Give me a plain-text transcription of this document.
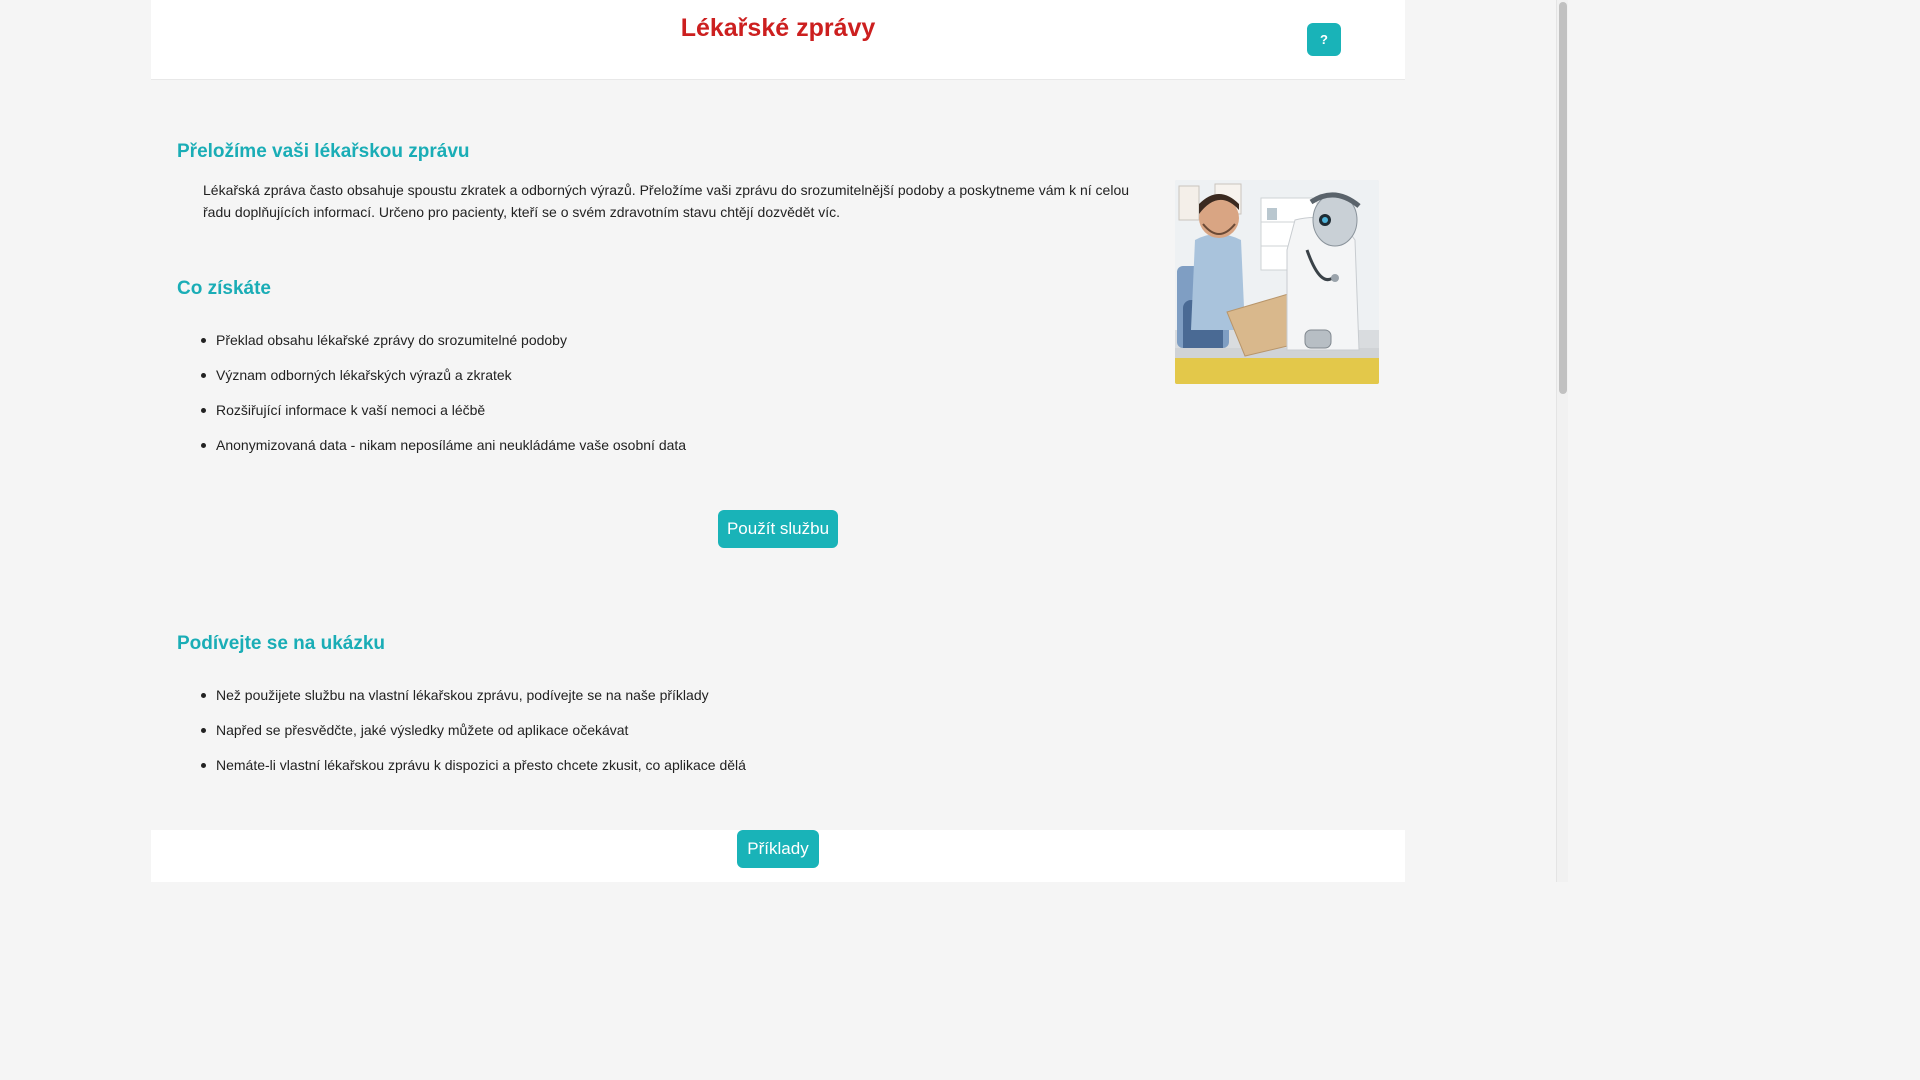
Lékařské zprávy	?
Přeložíme vaši lékařskou zprávu

Lékařská zpráva často obsahuje spoustu zkratek a odborných výrazů. Přeložíme vaši zprávu do srozumitelnější podoby a poskytneme vám k ní celou řadu doplňujících informací. Určeno pro pacienty, kteří se o svém zdravotním stavu chtějí dozvědět víc.

Co získáte
Překlad obsahu lékařské zprávy do srozumitelné podoby
Význam odborných lékařských výrazů a zkratek
Rozšiřující informace k vaší nemoci a léčbě
Anonymizovaná data - nikam neposíláme ani neukládáme vaše osobní data
Použít službu
Podívejte se na ukázku
Než použijete službu na vlastní lékařskou zprávu, podívejte se na naše příklady
Napřed se přesvědčte, jaké výsledky můžete od aplikace očekávat
Nemáte-li vlastní lékařskou zprávu k dispozici a přesto chcete zkusit, co aplikace dělá
Příklady
